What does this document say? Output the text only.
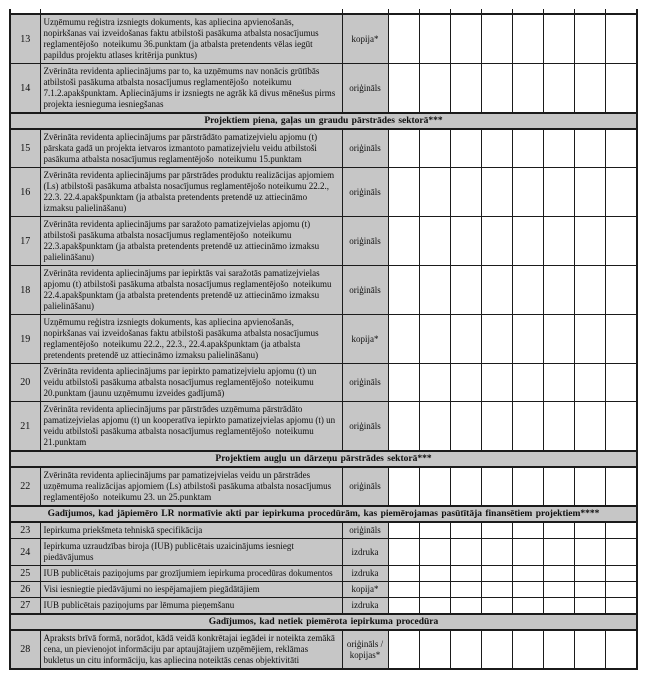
13	Uzņēmumu reģistra izsniegts dokuments, kas apliecina apvienošanās, nopirkšanas vai izveidošanas faktu atbilstoši pasākuma atbalsta nosacījumus reglamentējošo  noteikumu 36.punktam (ja atbalsta pretendents vēlas iegūt papildus projektu atlases kritērija punktus)	kopija*								
14	Zvērināta revidenta apliecinājums par to, ka uzņēmums nav nonācis grūtībās atbilstoši pasākuma atbalsta nosacījumus reglamentējošo  noteikumu 7.1.2.apakšpunktam. Apliecinājums ir izsniegts ne agrāk kā divus mēnešus pirms projekta iesnieguma iesniegšanas	oriģināls								
Projektiem piena, gaļas un graudu pārstrādes sektorā***										
15	Zvērināta revidenta apliecinājums par pārstrādāto pamatizejvielu apjomu (t) pārskata gadā un projekta ietvaros izmantoto pamatizejvielu veidu atbilstoši pasākuma atbalsta nosacījumus reglamentējošo  noteikumu 15.punktam	oriģināls								
16	Zvērināta revidenta apliecinājums par pārstrādes produktu realizācijas apjomiem (Ls) atbilstoši pasākuma atbalsta nosacījumus reglamentējošo noteikumu 22.2., 22.3. 22.4.apakšpunktam (ja atbalsta pretendents pretendē uz attiecināmo izmaksu palielināšanu)	oriģināls								
17	Zvērināta revidenta apliecinājums par saražoto pamatizejvielas apjomu (t) atbilstoši pasākuma atbalsta nosacījumus reglamentējošo  noteikumu 22.3.apakšpunktam (ja atbalsta pretendents pretendē uz attiecināmo izmaksu palielināšanu)	oriģināls								
18	Zvērināta revidenta apliecinājums par iepirktās vai saražotās pamatizejvielas apjomu (t) atbilstoši pasākuma atbalsta nosacījumus reglamentējošo  noteikumu 22.4.apakšpunktam (ja atbalsta pretendents pretendē uz attiecināmo izmaksu palielināšanu)	oriģināls								
19	Uzņēmumu reģistra izsniegts dokuments, kas apliecina apvienošanās, nopirkšanas vai izveidošanas faktu atbilstoši pasākuma atbalsta nosacījumus reglamentējošo  noteikumu 22.2., 22.3., 22.4.apakšpunktam (ja atbalsta pretendents pretendē uz attiecināmo izmaksu palielināšanu)	kopija*								
20	Zvērināta revidenta apliecinājums par iepirkto pamatizejvielu apjomu (t) un veidu atbilstoši pasākuma atbalsta nosacījumus reglamentējošo  noteikumu 20.punktam (jaunu uzņēmumu izveides gadījumā)	oriģināls								
21	Zvērināta revidenta apliecinājums par pārstrādes uzņēmuma pārstrādāto pamatizejvielas apjomu (t) un kooperatīva iepirkto pamatizejvielas apjomu (t) un veidu atbilstoši pasākuma atbalsta nosacījumus reglamentējošo  noteikumu 21.punktam	oriģināls								
Projektiem augļu un dārzeņu pārstrādes sektorā***										
22	Zvērināta revidenta apliecinājums par pamatizejvielas veidu un pārstrādes uzņēmuma realizācijas apjomiem (Ls) atbilstoši pasākuma atbalsta nosacījumus reglamentējošo  noteikumu 23. un 25.punktam	oriģināls								
Gadījumos, kad jāpiemēro LR normatīvie akti par iepirkuma procedūrām, kas piemērojamas pasūtītāja finansētiem projektiem****										
23	Iepirkuma priekšmeta tehniskā specifikācija	oriģināls								
24	Iepirkuma uzraudzības biroja (IUB) publicētais uzaicinājums iesniegt piedāvājumus	izdruka								
25	IUB publicētais paziņojums par grozījumiem iepirkuma procedūras dokumentos	izdruka								
26	Visi iesniegtie piedāvājumi no iespējamajiem piegādātājiem	kopija*								
27	IUB publicētais paziņojums par lēmuma pieņemšanu	izdruka								
Gadījumos, kad netiek piemērota iepirkuma procedūra										
28	Apraksts brīvā formā, norādot, kādā veidā konkrētajai iegādei ir noteikta zemākā cena, un pievienojot informāciju par aptaujātajiem uzņēmējiem, reklāmas bukletus un citu informāciju, kas apliecina noteiktās cenas objektivitāti	oriģināls / kopijas*								
